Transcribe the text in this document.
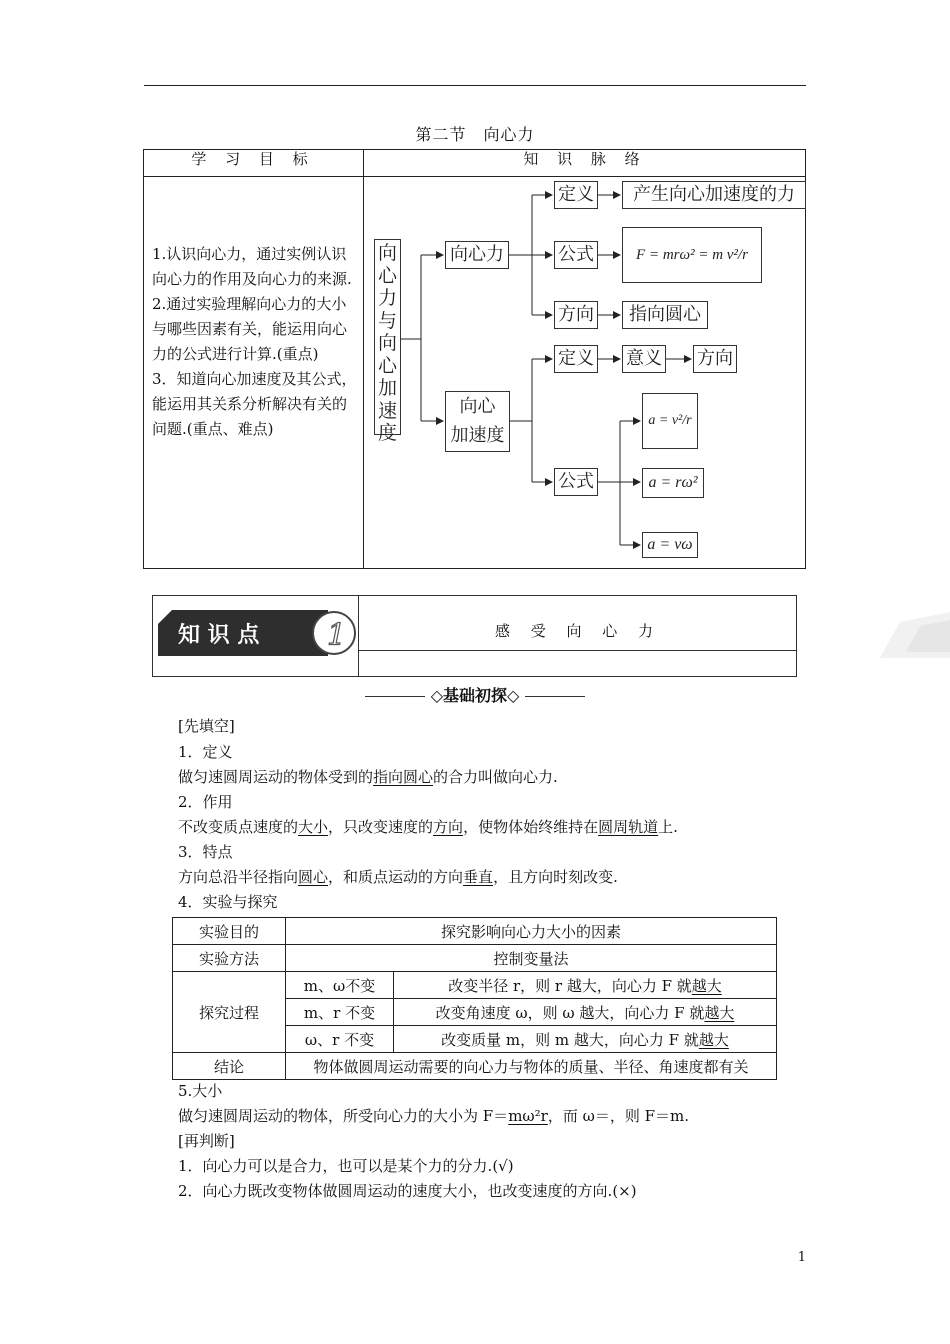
第二节　向心力
学 习 目 标	知 识 脉 络

1.认识向心力，通过实例认识向心力的作用及向心力的来源.

2.通过实验理解向心力的大小与哪些因素有关，能运用向心力的公式进行计算.(重点)

3．知道向心加速度及其公式，能运用其关系分析解决有关的问题.(重点、难点)

向心力与向心加速度
向心力
定义	产生向心加速度的力
公式	F = mrω² = m v²/r
方向	指向圆心
向心
加速度
定义 意义 方向
公式
a = v²/r
a = rω²
a = vω
知 识 点 1	感 受 向 心 力
◇基础初探◇
[先填空]
1．定义
做匀速圆周运动的物体受到的指向圆心的合力叫做向心力.
2．作用
不改变质点速度的大小，只改变速度的方向，使物体始终维持在圆周轨道上.
3．特点
方向总沿半径指向圆心，和质点运动的方向垂直，且方向时刻改变.
4．实验与探究
实验目的	探究影响向心力大小的因素	
实验方法	控制变量法	
探究过程	m、ω不变	改变半径 r，则 r 越大，向心力 F 就越大
	m、r 不变	改变角速度 ω，则 ω 越大，向心力 F 就越大
	ω、r 不变	改变质量 m，则 m 越大，向心力 F 就越大
结论	物体做圆周运动需要的向心力与物体的质量、半径、角速度都有关	
5.大小
做匀速圆周运动的物体，所受向心力的大小为 F＝mω²r，而 ω＝，则 F＝m.
[再判断]
1．向心力可以是合力，也可以是某个力的分力.(√)
2．向心力既改变物体做圆周运动的速度大小，也改变速度的方向.(×)
1
